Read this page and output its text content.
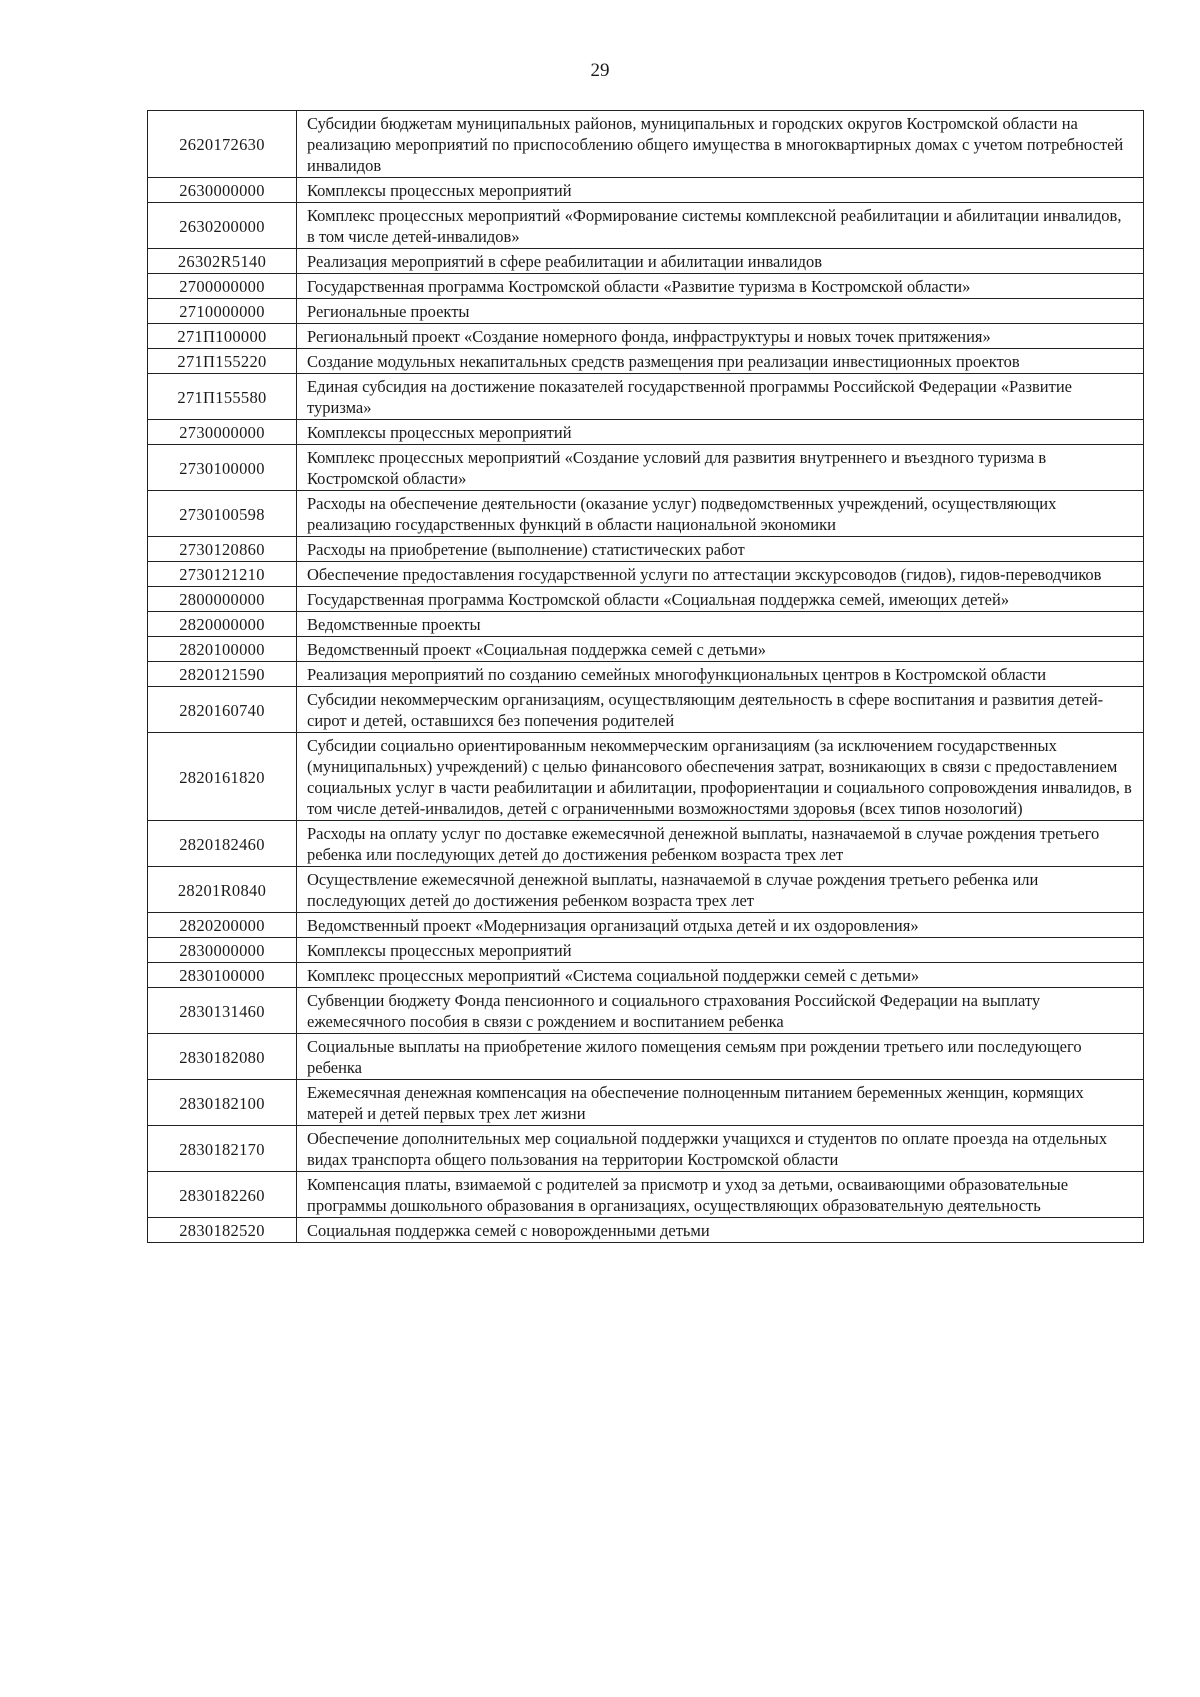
29
2620172630	Субсидии бюджетам муниципальных районов, муниципальных и городских округов Костромской области на реализацию мероприятий по приспособлению общего имущества в многоквартирных домах с учетом потребностей инвалидов
2630000000	Комплексы процессных мероприятий
2630200000	Комплекс процессных мероприятий «Формирование системы комплексной реабилитации и абилитации инвалидов, в том числе детей-инвалидов»
26302R5140	Реализация мероприятий в сфере реабилитации и абилитации инвалидов
2700000000	Государственная программа Костромской области «Развитие туризма в Костромской области»
2710000000	Региональные проекты
271П100000	Региональный проект «Создание номерного фонда, инфраструктуры и новых точек притяжения»
271П155220	Создание модульных некапитальных средств размещения при реализации инвестиционных проектов
271П155580	Единая субсидия на достижение показателей государственной программы Российской Федерации «Развитие туризма»
2730000000	Комплексы процессных мероприятий
2730100000	Комплекс процессных мероприятий «Создание условий для развития внутреннего и въездного туризма в Костромской области»
2730100598	Расходы на обеспечение деятельности (оказание услуг) подведомственных учреждений, осуществляющих реализацию государственных функций в области национальной экономики
2730120860	Расходы на приобретение (выполнение) статистических работ
2730121210	Обеспечение предоставления государственной услуги по аттестации экскурсоводов (гидов), гидов-переводчиков
2800000000	Государственная программа Костромской области «Социальная поддержка семей, имеющих детей»
2820000000	Ведомственные проекты
2820100000	Ведомственный проект «Социальная поддержка семей с детьми»
2820121590	Реализация мероприятий по созданию семейных многофункциональных центров в Костромской области
2820160740	Субсидии некоммерческим организациям, осуществляющим деятельность в сфере воспитания и развития детей-сирот и детей, оставшихся без попечения родителей
2820161820	Субсидии социально ориентированным некоммерческим организациям (за исключением государственных (муниципальных) учреждений) с целью финансового обеспечения затрат, возникающих в связи с предоставлением социальных услуг в части реабилитации и абилитации, профориентации и социального сопровождения инвалидов, в том числе детей-инвалидов, детей с ограниченными возможностями здоровья (всех типов нозологий)
2820182460	Расходы на оплату услуг по доставке ежемесячной денежной выплаты, назначаемой в случае рождения третьего ребенка или последующих детей до достижения ребенком возраста трех лет
28201R0840	Осуществление ежемесячной денежной выплаты, назначаемой в случае рождения третьего ребенка или последующих детей до достижения ребенком возраста трех лет
2820200000	Ведомственный проект «Модернизация организаций отдыха детей и их оздоровления»
2830000000	Комплексы процессных мероприятий
2830100000	Комплекс процессных мероприятий «Система социальной поддержки семей с детьми»
2830131460	Субвенции бюджету Фонда пенсионного и социального страхования Российской Федерации на выплату ежемесячного пособия в связи с рождением и воспитанием ребенка
2830182080	Социальные выплаты на приобретение жилого помещения семьям при рождении третьего или последующего ребенка
2830182100	Ежемесячная денежная компенсация на обеспечение полноценным питанием беременных женщин, кормящих матерей и детей первых трех лет жизни
2830182170	Обеспечение дополнительных мер социальной поддержки учащихся и студентов по оплате проезда на отдельных видах транспорта общего пользования на территории Костромской области
2830182260	Компенсация платы, взимаемой с родителей за присмотр и уход за детьми, осваивающими образовательные программы дошкольного образования в организациях, осуществляющих образовательную деятельность
2830182520	Социальная поддержка семей с новорожденными детьми
